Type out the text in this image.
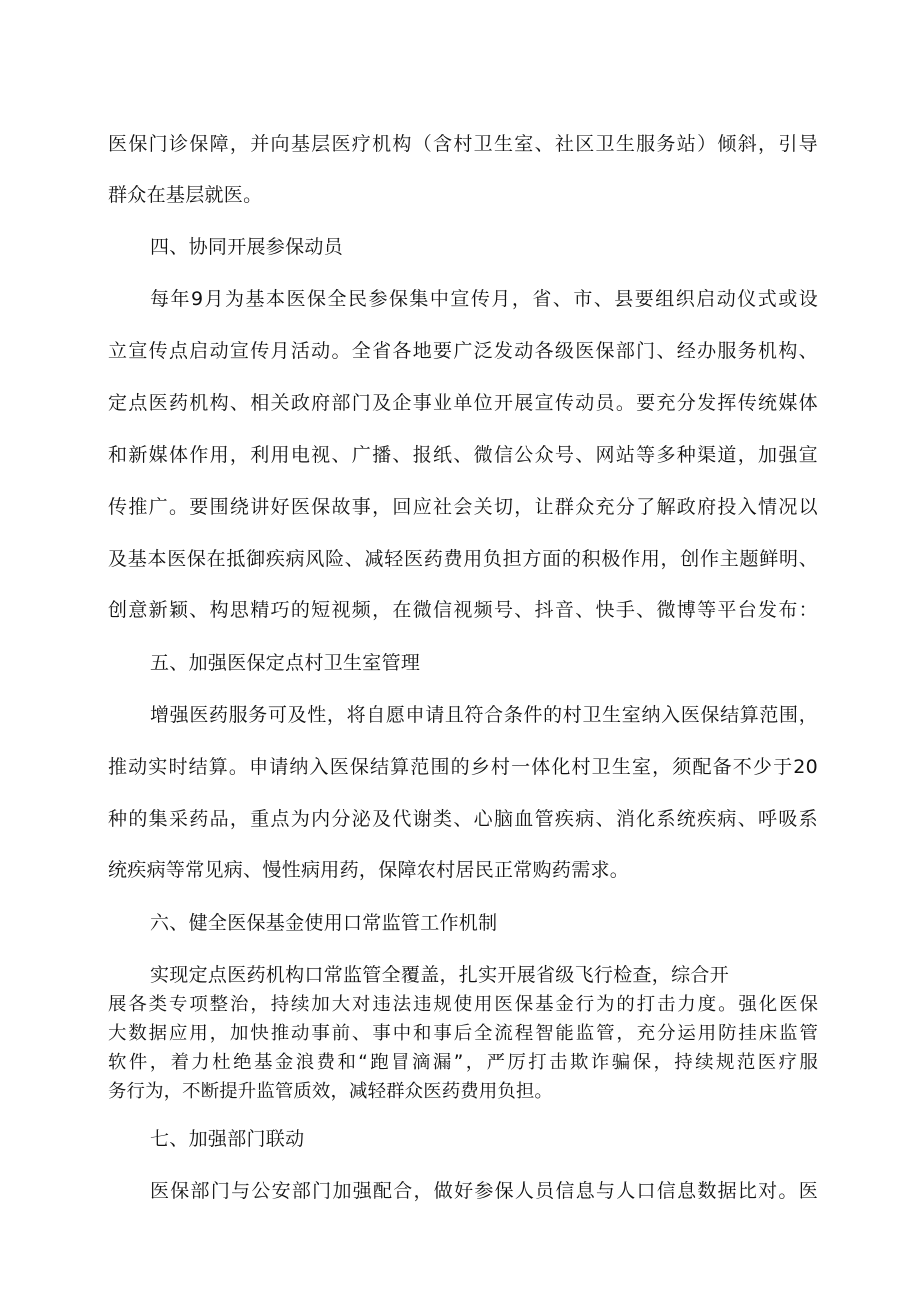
医保门诊保障，并向基层医疗机构（含村卫生室、社区卫生服务站）倾斜，引导
群众在基层就医。
四、协同开展参保动员
每年9月为基本医保全民参保集中宣传月，省、市、县要组织启动仪式或设
立宣传点启动宣传月活动。全省各地要广泛发动各级医保部门、经办服务机构、
定点医药机构、相关政府部门及企事业单位开展宣传动员。要充分发挥传统媒体
和新媒体作用，利用电视、广播、报纸、微信公众号、网站等多种渠道，加强宣
传推广。要围绕讲好医保故事，回应社会关切，让群众充分了解政府投入情况以
及基本医保在抵御疾病风险、减轻医药费用负担方面的积极作用，创作主题鲜明、
创意新颖、构思精巧的短视频，在微信视频号、抖音、快手、微博等平台发布：
五、加强医保定点村卫生室管理
增强医药服务可及性，将自愿申请且符合条件的村卫生室纳入医保结算范围，
推动实时结算。申请纳入医保结算范围的乡村一体化村卫生室，须配备不少于20
种的集采药品，重点为内分泌及代谢类、心脑血管疾病、消化系统疾病、呼吸系
统疾病等常见病、慢性病用药，保障农村居民正常购药需求。
六、健全医保基金使用口常监管工作机制
实现定点医药机构口常监管全覆盖，扎实开展省级飞行检查，综合开
展各类专项整治，持续加大对违法违规使用医保基金行为的打击力度。强化医保
大数据应用，加快推动事前、事中和事后全流程智能监管，充分运用防挂床监管
软件，着力杜绝基金浪费和“跑冒滴漏”，严厉打击欺诈骗保，持续规范医疗服
务行为，不断提升监管质效，减轻群众医药费用负担。
七、加强部门联动
医保部门与公安部门加强配合，做好参保人员信息与人口信息数据比对。医
